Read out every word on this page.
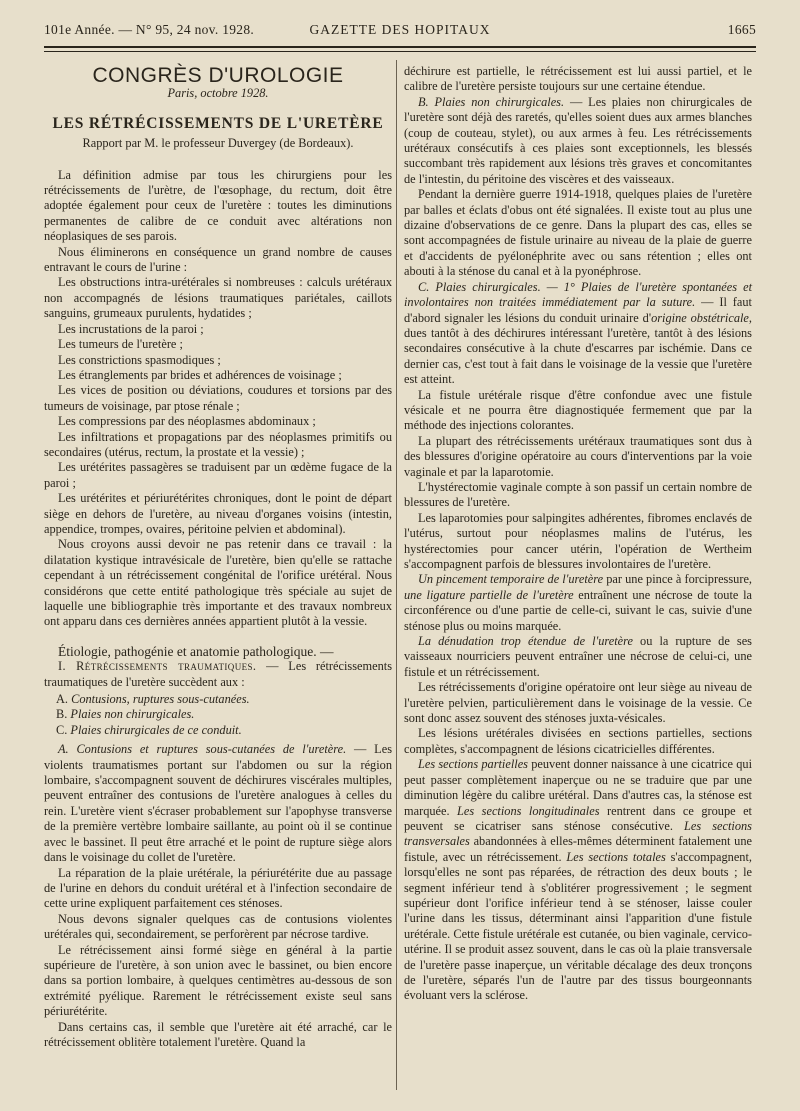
101e Année. — N° 95, 24 nov. 1928.	GAZETTE DES HOPITAUX	1665

CONGRÈS D'UROLOGIE

Paris, octobre 1928.

LES RÉTRÉCISSEMENTS DE L'URETÈRE

Rapport par M. le professeur Duvergey (de Bordeaux).

La définition admise par tous les chirurgiens pour les rétrécissements de l'urètre, de l'œsophage, du rectum, doit être adoptée également pour ceux de l'uretère : toutes les diminutions permanentes de calibre de ce conduit avec altérations non néoplasiques de ses parois.

Nous éliminerons en conséquence un grand nombre de causes entravant le cours de l'urine :

Les obstructions intra-urétérales si nombreuses : calculs urétéraux non accompagnés de lésions traumatiques pariétales, caillots sanguins, grumeaux purulents, hydatides ;

Les incrustations de la paroi ;

Les tumeurs de l'uretère ;

Les constrictions spasmodiques ;

Les étranglements par brides et adhérences de voisinage ;

Les vices de position ou déviations, coudures et torsions par des tumeurs de voisinage, par ptose rénale ;

Les compressions par des néoplasmes abdominaux ;

Les infiltrations et propagations par des néoplasmes primitifs ou secondaires (utérus, rectum, la prostate et la vessie) ;

Les urétérites passagères se traduisent par un œdème fugace de la paroi ;

Les urétérites et périurétérites chroniques, dont le point de départ siège en dehors de l'uretère, au niveau d'organes voisins (intestin, appendice, trompes, ovaires, péritoine pelvien et abdominal).

Nous croyons aussi devoir ne pas retenir dans ce travail : la dilatation kystique intravésicale de l'uretère, bien qu'elle se rattache cependant à un rétrécissement congénital de l'orifice urétéral. Nous considérons que cette entité pathologique très spéciale au sujet de laquelle une bibliographie très importante et des travaux nombreux ont apparu dans ces dernières années appartient plutôt à la vessie.

Étiologie, pathogénie et anatomie pathologique. —

I. Rétrécissements traumatiques. — Les rétrécissements traumatiques de l'uretère succèdent aux :

A. Contusions, ruptures sous-cutanées.
B. Plaies non chirurgicales.
C. Plaies chirurgicales de ce conduit.

A. Contusions et ruptures sous-cutanées de l'uretère. — Les violents traumatismes portant sur l'abdomen ou sur la région lombaire, s'accompagnent souvent de déchirures viscérales multiples, peuvent entraîner des contusions de l'uretère analogues à celles du rein. L'uretère vient s'écraser probablement sur l'apophyse transverse de la première vertèbre lombaire saillante, au point où il se continue avec le bassinet. Il peut être arraché et le point de rupture siège alors dans le voisinage du collet de l'uretère.

La réparation de la plaie urétérale, la périurétérite due au passage de l'urine en dehors du conduit urétéral et à l'infection secondaire de cette urine expliquent parfaitement ces sténoses.

Nous devons signaler quelques cas de contusions violentes urétérales qui, secondairement, se perforèrent par nécrose tardive.

Le rétrécissement ainsi formé siège en général à la partie supérieure de l'uretère, à son union avec le bassinet, ou bien encore dans sa portion lombaire, à quelques centimètres au-dessous de son extrémité pyélique. Rarement le rétrécissement existe seul sans périurétérite.

Dans certains cas, il semble que l'uretère ait été arraché, car le rétrécissement oblitère totalement l'uretère. Quand la

déchirure est partielle, le rétrécissement est lui aussi partiel, et le calibre de l'uretère persiste toujours sur une certaine étendue.

B. Plaies non chirurgicales. — Les plaies non chirurgicales de l'uretère sont déjà des raretés, qu'elles soient dues aux armes blanches (coup de couteau, stylet), ou aux armes à feu. Les rétrécissements urétéraux consécutifs à ces plaies sont exceptionnels, les blessés succombant très rapidement aux lésions très graves et concomitantes de l'intestin, du péritoine des viscères et des vaisseaux.

Pendant la dernière guerre 1914-1918, quelques plaies de l'uretère par balles et éclats d'obus ont été signalées. Il existe tout au plus une dizaine d'observations de ce genre. Dans la plupart des cas, elles se sont accompagnées de fistule urinaire au niveau de la plaie de guerre et d'accidents de pyélonéphrite avec ou sans rétention ; elles ont abouti à la sténose du canal et à la pyonéphrose.

C. Plaies chirurgicales. — 1° Plaies de l'uretère spontanées et involontaires non traitées immédiatement par la suture. — Il faut d'abord signaler les lésions du conduit urinaire d'origine obstétricale, dues tantôt à des déchirures intéressant l'uretère, tantôt à des lésions secondaires consécutive à la chute d'escarres par ischémie. Dans ce dernier cas, c'est tout à fait dans le voisinage de la vessie que l'uretère est atteint.

La fistule urétérale risque d'être confondue avec une fistule vésicale et ne pourra être diagnostiquée fermement que par la méthode des injections colorantes.

La plupart des rétrécissements urétéraux traumatiques sont dus à des blessures d'origine opératoire au cours d'interventions par la voie vaginale et par la laparotomie.

L'hystérectomie vaginale compte à son passif un certain nombre de blessures de l'uretère.

Les laparotomies pour salpingites adhérentes, fibromes enclavés de l'utérus, surtout pour néoplasmes malins de l'utérus, les hystérectomies pour cancer utérin, l'opération de Wertheim s'accompagnent parfois de blessures involontaires de l'uretère.

Un pincement temporaire de l'uretère par une pince à forcipressure, une ligature partielle de l'uretère entraînent une nécrose de toute la circonférence ou d'une partie de celle-ci, suivant le cas, suivie d'une sténose plus ou moins marquée.

La dénudation trop étendue de l'uretère ou la rupture de ses vaisseaux nourriciers peuvent entraîner une nécrose de celui-ci, une fistule et un rétrécissement.

Les rétrécissements d'origine opératoire ont leur siège au niveau de l'uretère pelvien, particulièrement dans le voisinage de la vessie. Ce sont donc assez souvent des sténoses juxta-vésicales.

Les lésions urétérales divisées en sections partielles, sections complètes, s'accompagnent de lésions cicatricielles différentes.

Les sections partielles peuvent donner naissance à une cicatrice qui peut passer complètement inaperçue ou ne se traduire que par une diminution légère du calibre urétéral. Dans d'autres cas, la sténose est marquée. Les sections longitudinales rentrent dans ce groupe et peuvent se cicatriser sans sténose consécutive. Les sections transversales abandonnées à elles-mêmes déterminent fatalement une fistule, avec un rétrécissement. Les sections totales s'accompagnent, lorsqu'elles ne sont pas réparées, de rétraction des deux bouts ; le segment inférieur tend à s'oblitérer progressivement ; le segment supérieur dont l'orifice inférieur tend à se sténoser, laisse couler l'urine dans les tissus, déterminant ainsi l'apparition d'une fistule urétérale. Cette fistule urétérale est cutanée, ou bien vaginale, cervico-utérine. Il se produit assez souvent, dans le cas où la plaie transversale de l'uretère passe inaperçue, un véritable décalage des deux tronçons de l'uretère, séparés l'un de l'autre par des tissus bourgeonnants évoluant vers la sclérose.
